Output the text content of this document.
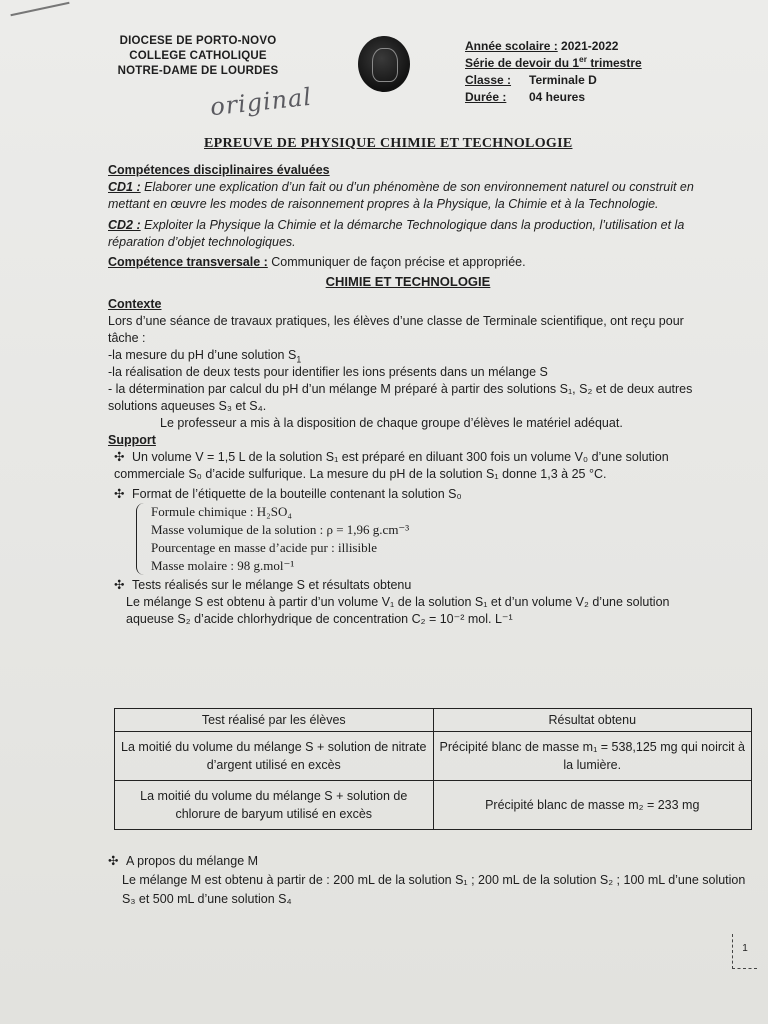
DIOCESE DE PORTO-NOVO
COLLEGE CATHOLIQUE
NOTRE-DAME DE LOURDES
Année scolaire : 2021-2022
Série de devoir du 1er trimestre
Classe :	Terminale D
Durée :	04 heures
original
EPREUVE DE PHYSIQUE CHIMIE ET TECHNOLOGIE

Compétences disciplinaires évaluées

CD1 : Elaborer une explication d’un fait ou d’un phénomène de son environnement naturel ou construit en mettant en œuvre les modes de raisonnement propres à la Physique, la Chimie et à la Technologie.

CD2 : Exploiter la Physique la Chimie et la démarche Technologique dans la production, l’utilisation et la réparation d’objet technologiques.

Compétence transversale : Communiquer de façon précise et appropriée.

CHIMIE ET TECHNOLOGIE

Contexte

Lors d’une séance de travaux pratiques, les élèves d’une classe de Terminale scientifique, ont reçu pour tâche :

-la mesure du pH d’une solution $S_1$

-la réalisation de deux tests pour identifier les ions présents dans un mélange S

- la détermination par calcul du pH d’un mélange M préparé à partir des solutions S₁, S₂ et de deux autres solutions aqueuses S₃ et S₄.

Le professeur a mis à la disposition de chaque groupe d’élèves le matériel adéquat.

Support

✣ Un volume V = 1,5 L de la solution S₁ est préparé en diluant 300 fois un volume V₀ d’une solution commerciale S₀ d’acide sulfurique. La mesure du pH de la solution S₁ donne 1,3 à 25 °C.

✣ Format de l’étiquette de la bouteille contenant la solution S₀

Formule chimique : H₂SO₄
Masse volumique de la solution : ρ = 1,96 g.cm⁻³
Pourcentage en masse d’acide pur : illisible
Masse molaire : 98 g.mol⁻¹

✣ Tests réalisés sur le mélange S et résultats obtenu

Le mélange S est obtenu à partir d’un volume V₁ de la solution S₁ et d’un volume V₂ d’une solution aqueuse S₂ d’acide chlorhydrique de concentration C₂ = 10⁻² mol. L⁻¹

Test réalisé par les élèves	Résultat obtenu
La moitié du volume du mélange S + solution de nitrate d’argent utilisé en excès	Précipité blanc de masse m₁ = 538,125 mg qui noircit à la lumière.
La moitié du volume du mélange S + solution de chlorure de baryum utilisé en excès	Précipité blanc de masse m₂ = 233 mg

✣ A propos du mélange M

Le mélange M est obtenu à partir de : 200 mL de la solution S₁ ; 200 mL de la solution S₂ ; 100 mL d’une solution S₃ et 500 mL d’une solution S₄

1
